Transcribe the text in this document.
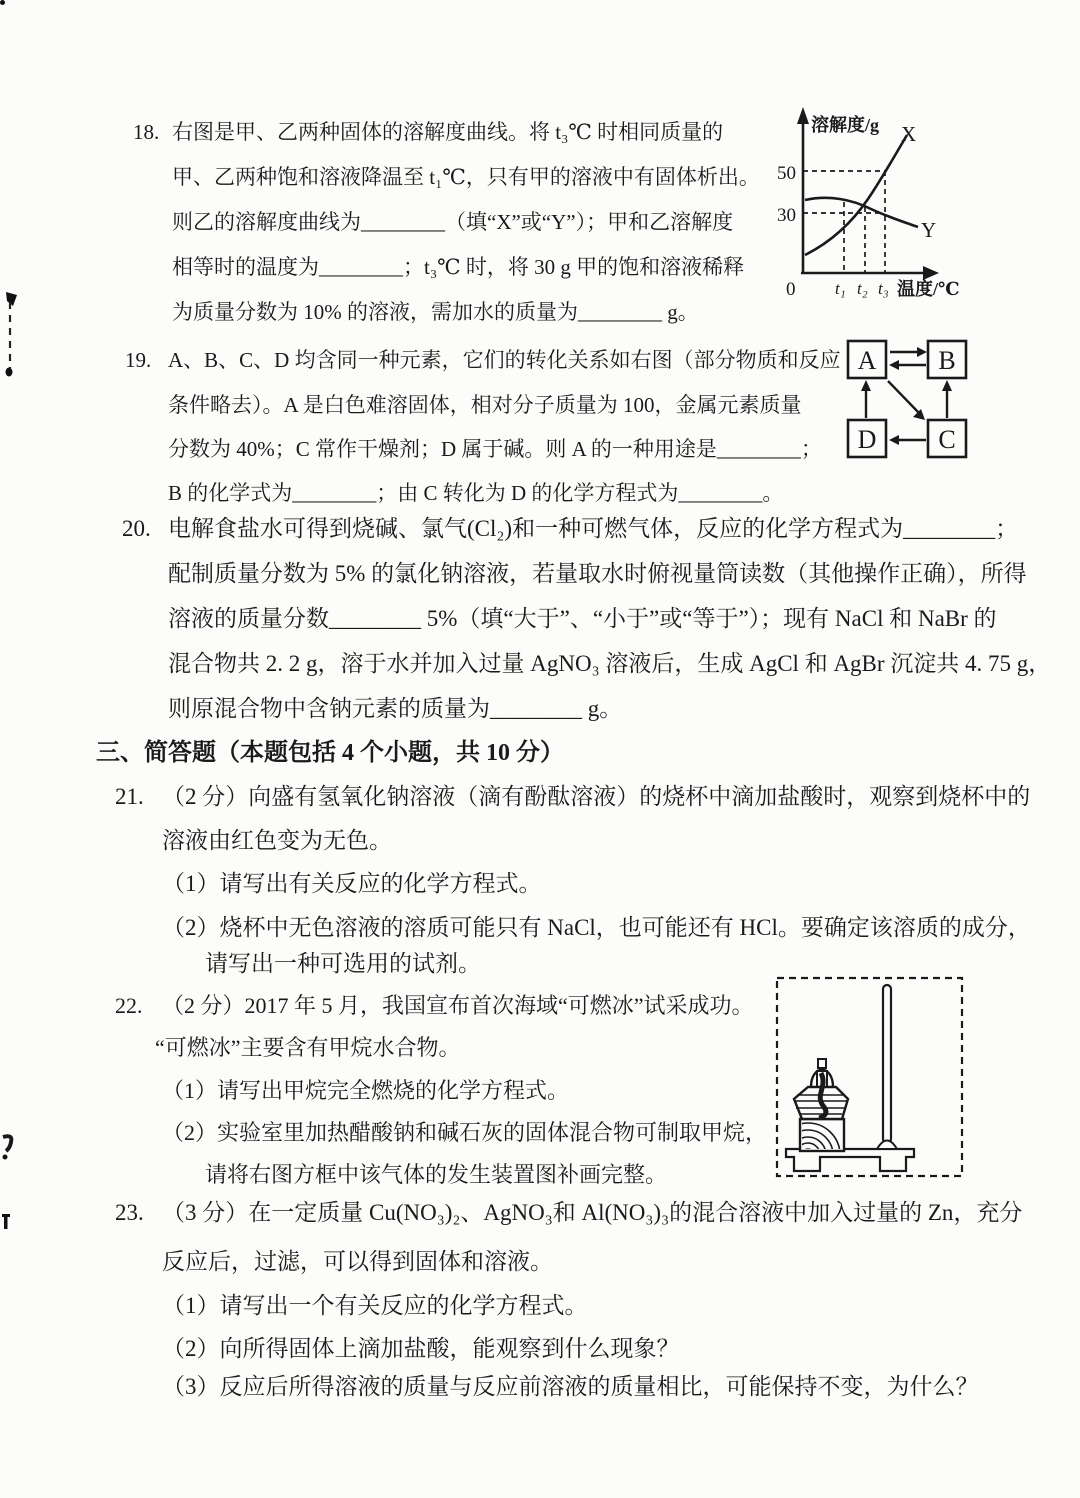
18. 右图是甲、乙两种固体的溶解度曲线。将 t₃℃ 时相同质量的
甲、乙两种饱和溶液降温至 t₁℃，只有甲的溶液中有固体析出。
则乙的溶解度曲线为________（填“X”或“Y”）；甲和乙溶解度
相等时的温度为________；t₃℃ 时，将 30 g 甲的饱和溶液稀释
为质量分数为 10% 的溶液，需加水的质量为________ g。
溶解度/g X
Y
50
30
0 t₁ t₂ t₃ 温度/℃
19. A、B、C、D 均含同一种元素，它们的转化关系如右图（部分物质和反应
条件略去）。A 是白色难溶固体，相对分子质量为 100，金属元素质量
分数为 40%；C 常作干燥剂；D 属于碱。则 A 的一种用途是________；
B 的化学式为________；由 C 转化为 D 的化学方程式为________。
A B
D C
20. 电解食盐水可得到烧碱、氯气(Cl₂)和一种可燃气体，反应的化学方程式为________；
配制质量分数为 5% 的氯化钠溶液，若量取水时俯视量筒读数（其他操作正确），所得
溶液的质量分数________ 5%（填“大于”、“小于”或“等于”）；现有 NaCl 和 NaBr 的
混合物共 2. 2 g，溶于水并加入过量 AgNO₃ 溶液后，生成 AgCl 和 AgBr 沉淀共 4. 75 g，
则原混合物中含钠元素的质量为________ g。
三、简答题（本题包括 4 个小题，共 10 分）
21. （2 分）向盛有氢氧化钠溶液（滴有酚酞溶液）的烧杯中滴加盐酸时，观察到烧杯中的
溶液由红色变为无色。
（1）请写出有关反应的化学方程式。
（2）烧杯中无色溶液的溶质可能只有 NaCl，也可能还有 HCl。要确定该溶质的成分，
请写出一种可选用的试剂。
22. （2 分）2017 年 5 月，我国宣布首次海域“可燃冰”试采成功。
“可燃冰”主要含有甲烷水合物。
（1）请写出甲烷完全燃烧的化学方程式。
（2）实验室里加热醋酸钠和碱石灰的固体混合物可制取甲烷，
请将右图方框中该气体的发生装置图补画完整。
23. （3 分）在一定质量 Cu(NO₃)₂、AgNO₃和 Al(NO₃)₃的混合溶液中加入过量的 Zn，充分
反应后，过滤，可以得到固体和溶液。
（1）请写出一个有关反应的化学方程式。
（2）向所得固体上滴加盐酸，能观察到什么现象？
（3）反应后所得溶液的质量与反应前溶液的质量相比，可能保持不变，为什么？
